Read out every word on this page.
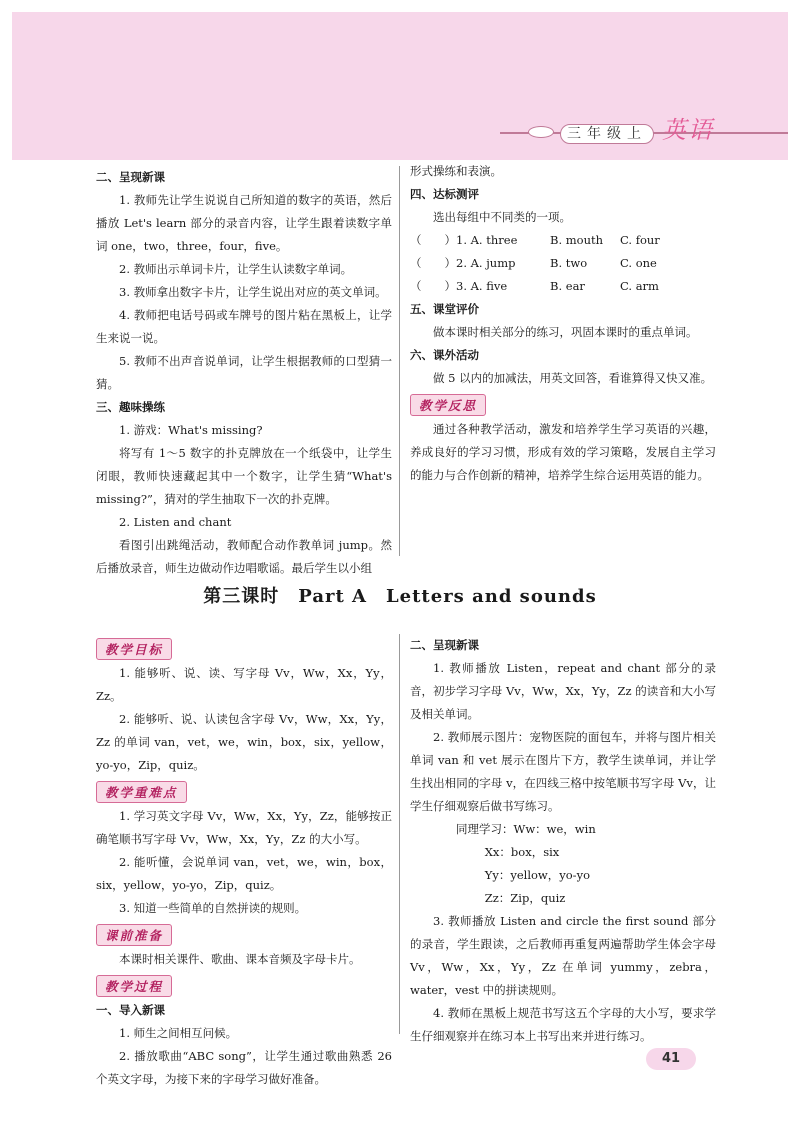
三年级上 英语

二、呈现新课

1. 教师先让学生说说自己所知道的数字的英语，然后播放 Let's learn 部分的录音内容，让学生跟着读数字单词 one，two，three，four，five。

2. 教师出示单词卡片，让学生认读数字单词。

3. 教师拿出数字卡片，让学生说出对应的英文单词。

4. 教师把电话号码或车牌号的图片粘在黑板上，让学生来说一说。

5. 教师不出声音说单词，让学生根据教师的口型猜一猜。

三、趣味操练

1. 游戏：What's missing?

将写有 1～5 数字的扑克牌放在一个纸袋中，让学生闭眼，教师快速藏起其中一个数字，让学生猜“What's missing?”，猜对的学生抽取下一次的扑克牌。

2. Listen and chant

看图引出跳绳活动，教师配合动作教单词 jump。然后播放录音，师生边做动作边唱歌谣。最后学生以小组

形式操练和表演。

四、达标测评

选出每组中不同类的一项。

（　　）1. A. three	B. mouth	C. four
（　　）2. A. jump	B. two	C. one
（　　）3. A. five	B. ear	C. arm

五、课堂评价

做本课时相关部分的练习，巩固本课时的重点单词。

六、课外活动

做 5 以内的加减法，用英文回答，看谁算得又快又准。

教学反思

通过各种教学活动，激发和培养学生学习英语的兴趣，养成良好的学习习惯，形成有效的学习策略，发展自主学习的能力与合作创新的精神，培养学生综合运用英语的能力。

第三课时　Part A　Letters and sounds

教学目标

1. 能够听、说、读、写字母 Vv，Ww，Xx，Yy，Zz。

2. 能够听、说、认读包含字母 Vv，Ww，Xx，Yy，Zz 的单词 van，vet，we，win，box，six，yellow，yo-yo，Zip，quiz。

教学重难点

1. 学习英文字母 Vv，Ww，Xx，Yy，Zz，能够按正确笔顺书写字母 Vv，Ww，Xx，Yy，Zz 的大小写。

2. 能听懂，会说单词 van，vet，we，win，box，six，yellow，yo-yo，Zip，quiz。

3. 知道一些简单的自然拼读的规则。

课前准备

本课时相关课件、歌曲、课本音频及字母卡片。

教学过程

一、导入新课

1. 师生之间相互问候。

2. 播放歌曲“ABC song”，让学生通过歌曲熟悉 26 个英文字母，为接下来的字母学习做好准备。

二、呈现新课

1. 教师播放 Listen，repeat and chant 部分的录音，初步学习字母 Vv，Ww，Xx，Yy，Zz 的读音和大小写及相关单词。

2. 教师展示图片：宠物医院的面包车，并将与图片相关单词 van 和 vet 展示在图片下方，教学生读单词，并让学生找出相同的字母 v，在四线三格中按笔顺书写字母 Vv，让学生仔细观察后做书写练习。

同理学习：Ww：we，win

Xx：box，six

Yy：yellow，yo-yo

Zz：Zip，quiz

3. 教师播放 Listen and circle the first sound 部分的录音，学生跟读，之后教师再重复两遍帮助学生体会字母 Vv，Ww，Xx，Yy，Zz 在单词 yummy，zebra，water，vest 中的拼读规则。

4. 教师在黑板上规范书写这五个字母的大小写，要求学生仔细观察并在练习本上书写出来并进行练习。

41
